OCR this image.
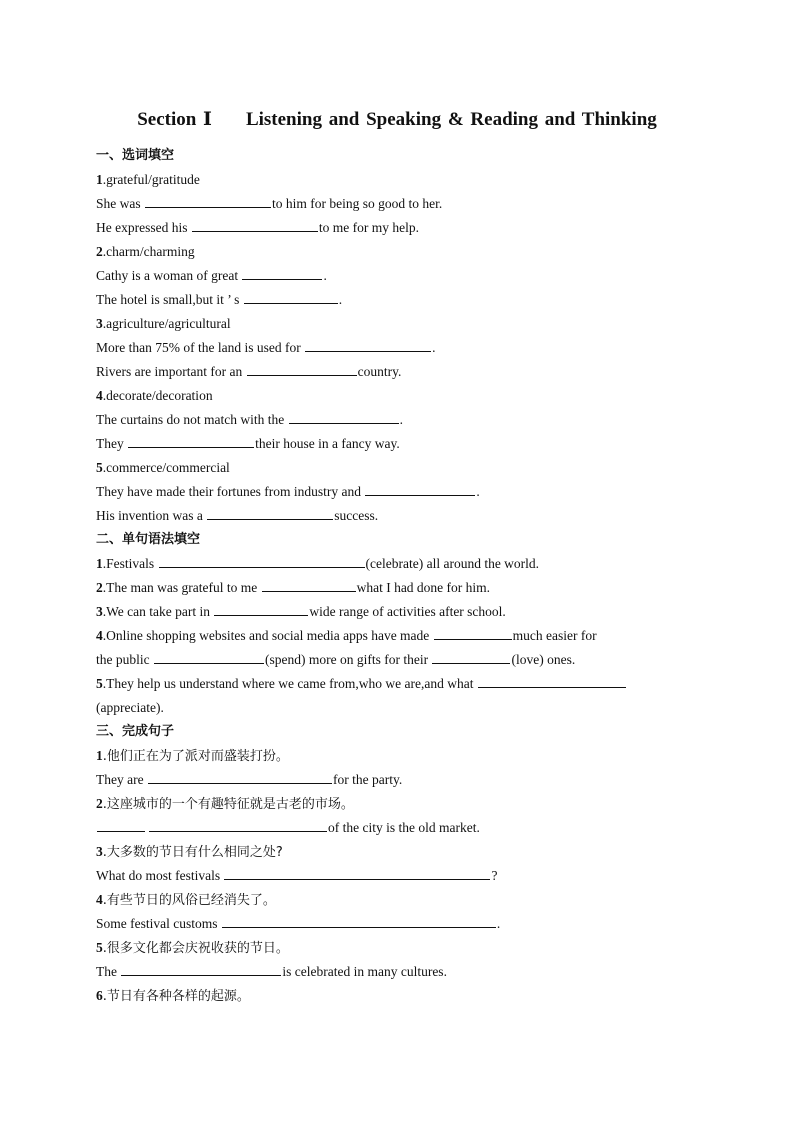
Section Ⅰ Listening and Speaking & Reading and Thinking
一、选词填空
1.grateful/gratitude
She was	to him for being so good to her.
He expressed his	to me for my help.
2.charm/charming
Cathy is a woman of great	.
The hotel is small,but it ’ s	.
3.agriculture/agricultural
More than 75% of the land is used for	.
Rivers are important for an	country.
4.decorate/decoration
The curtains do not match with the	.
They	their house in a fancy way.
5.commerce/commercial
They have made their fortunes from industry and	.
His invention was a	success.
二、单句语法填空
1.Festivals	(celebrate) all around the world.
2.The man was grateful to me	what I had done for him.
3.We can take part in	wide range of activities after school.
4.Online shopping websites and social media apps have made	much easier for
the public	(spend) more on gifts for their	(love) ones.
5.They help us understand where we came from,who we are,and what
(appreciate).
三、完成句子
1.他们正在为了派对而盛装打扮。
They are	for the party.
2.这座城市的一个有趣特征就是古老的市场。
of the city is the old market.
3.大多数的节日有什么相同之处?
What do most festivals	?
4.有些节日的风俗已经消失了。
Some festival customs	.
5.很多文化都会庆祝收获的节日。
The	is celebrated in many cultures.
6.节日有各种各样的起源。
